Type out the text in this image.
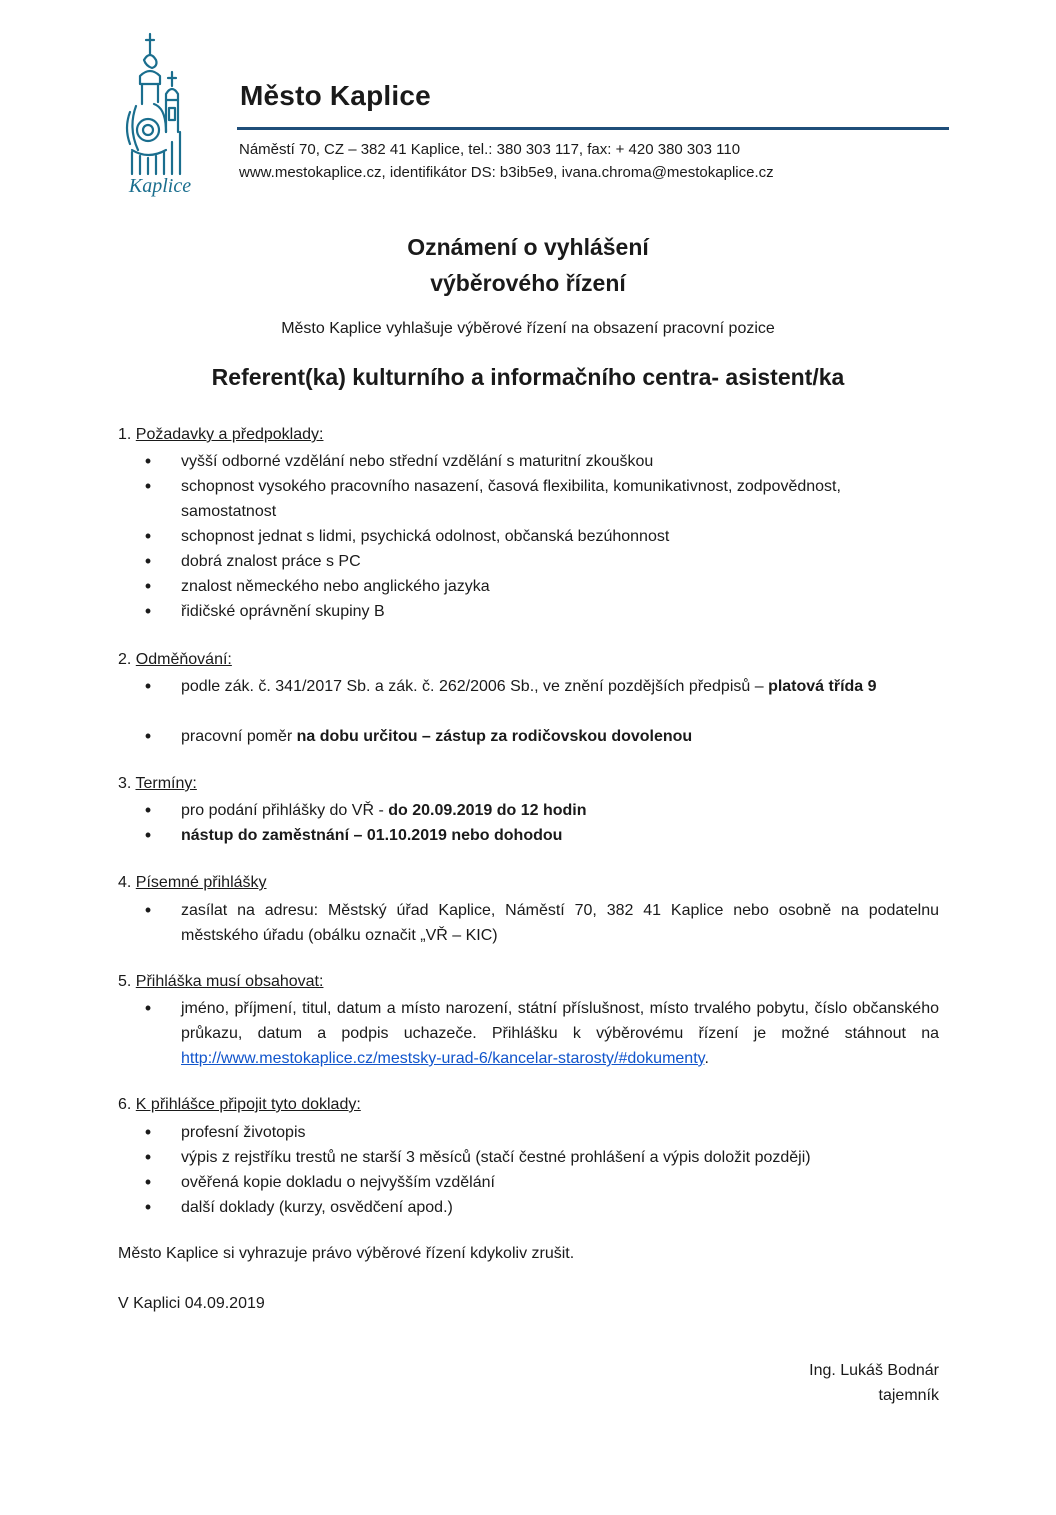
Kaplice
Město Kaplice
Náměstí 70, CZ – 382 41 Kaplice, tel.: 380 303 117, fax: + 420 380 303 110
www.mestokaplice.cz, identifikátor DS: b3ib5e9, ivana.chroma@mestokaplice.cz
Oznámení o vyhlášení
výběrového řízení
Město Kaplice vyhlašuje výběrové řízení na obsazení pracovní pozice
Referent(ka) kulturního a informačního centra- asistent/ka
1. Požadavky a předpoklady:
•	vyšší odborné vzdělání nebo střední vzdělání s maturitní zkouškou
•	schopnost vysokého pracovního nasazení, časová flexibilita, komunikativnost, zodpovědnost, samostatnost
•	schopnost jednat s lidmi, psychická odolnost, občanská bezúhonnost
•	dobrá znalost práce s PC
•	znalost německého nebo anglického jazyka
•	řidičské oprávnění skupiny B
2. Odměňování:
•	podle zák. č. 341/2017 Sb. a zák. č. 262/2006 Sb., ve znění pozdějších předpisů – platová třída 9
•	pracovní poměr na dobu určitou – zástup za rodičovskou dovolenou
3. Termíny:
•	pro podání přihlášky do VŘ - do 20.09.2019 do 12 hodin
•	nástup do zaměstnání – 01.10.2019 nebo dohodou
4. Písemné přihlášky
•	zasílat na adresu: Městský úřad Kaplice, Náměstí 70, 382 41 Kaplice nebo osobně na podatelnu městského úřadu (obálku označit „VŘ – KIC)
5. Přihláška musí obsahovat:
•	jméno, příjmení, titul, datum a místo narození, státní příslušnost, místo trvalého pobytu, číslo občanského průkazu, datum a podpis uchazeče. Přihlášku k výběrovému řízení je možné stáhnout na http://www.mestokaplice.cz/mestsky-urad-6/kancelar-starosty/#dokumenty.
6. K přihlášce připojit tyto doklady:
•	profesní životopis
•	výpis z rejstříku trestů ne starší 3 měsíců (stačí čestné prohlášení a výpis doložit později)
•	ověřená kopie dokladu o nejvyšším vzdělání
•	další doklady (kurzy, osvědčení apod.)
Město Kaplice si vyhrazuje právo výběrové řízení kdykoliv zrušit.
V Kaplici 04.09.2019
Ing. Lukáš Bodnár
tajemník
